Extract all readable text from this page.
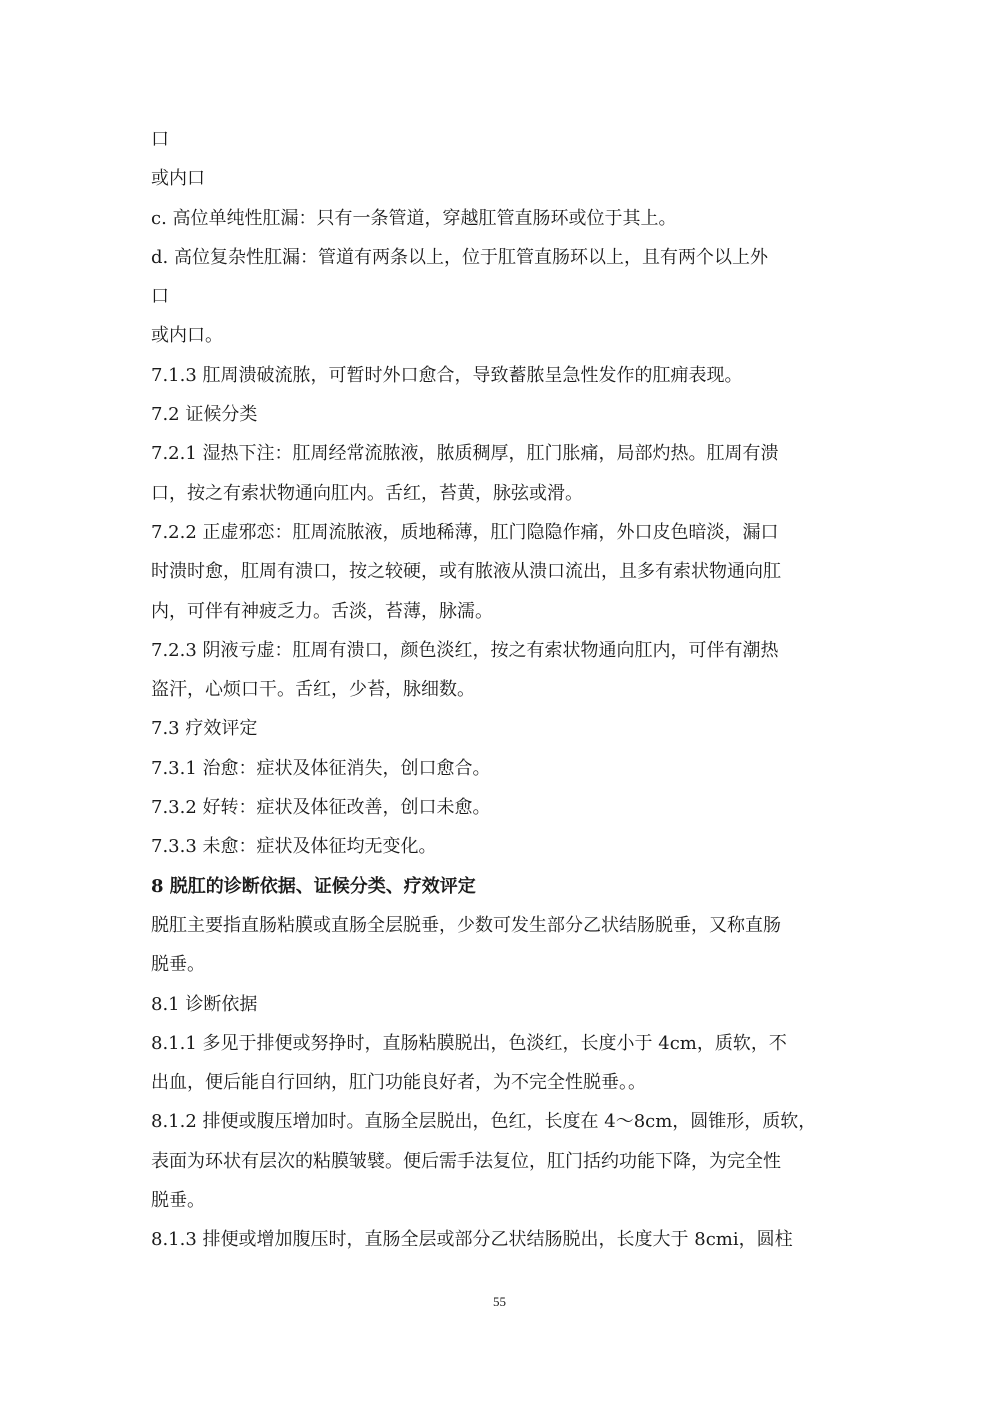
口
或内口
c. 高位单纯性肛漏：只有一条管道，穿越肛管直肠环或位于其上。
d. 高位复杂性肛漏：管道有两条以上，位于肛管直肠环以上，且有两个以上外
口
或内口。
7.1.3 肛周溃破流脓，可暂时外口愈合，导致蓄脓呈急性发作的肛痈表现。
7.2 证候分类
7.2.1 湿热下注：肛周经常流脓液，脓质稠厚，肛门胀痛，局部灼热。肛周有溃
口，按之有索状物通向肛内。舌红，苔黄，脉弦或滑。
7.2.2 正虚邪恋：肛周流脓液，质地稀薄，肛门隐隐作痛，外口皮色暗淡，漏口
时溃时愈，肛周有溃口，按之较硬，或有脓液从溃口流出，且多有索状物通向肛
内，可伴有神疲乏力。舌淡，苔薄，脉濡。
7.2.3 阴液亏虚：肛周有溃口，颜色淡红，按之有索状物通向肛内，可伴有潮热
盗汗，心烦口干。舌红，少苔，脉细数。
7.3 疗效评定
7.3.1 治愈：症状及体征消失，创口愈合。
7.3.2 好转：症状及体征改善，创口未愈。
7.3.3 未愈：症状及体征均无变化。
8 脱肛的诊断依据、证候分类、疗效评定
脱肛主要指直肠粘膜或直肠全层脱垂，少数可发生部分乙状结肠脱垂，又称直肠
脱垂。
8.1 诊断依据
8.1.1 多见于排便或努挣时，直肠粘膜脱出，色淡红，长度小于 4cm，质软，不
出血，便后能自行回纳，肛门功能良好者，为不完全性脱垂。。
8.1.2 排便或腹压增加时。直肠全层脱出，色红，长度在 4～8cm，圆锥形，质软，
表面为环状有层次的粘膜皱襞。便后需手法复位，肛门括约功能下降，为完全性
脱垂。
8.1.3 排便或增加腹压时，直肠全层或部分乙状结肠脱出，长度大于 8cmi，圆柱
55
